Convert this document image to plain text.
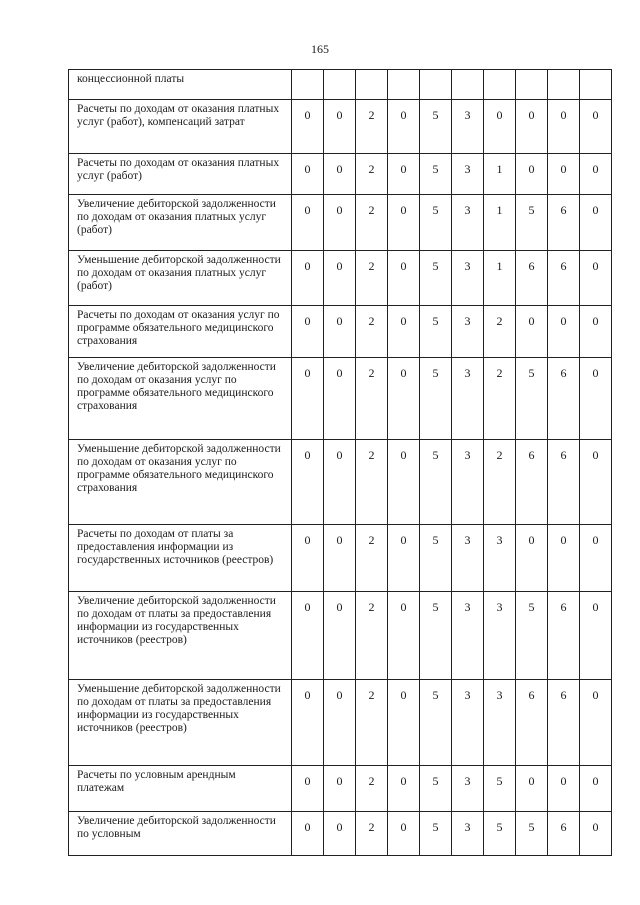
165
концессионной платы										
Расчеты по доходам от оказания платных услуг (работ), компенсаций затрат	0	0	2	0	5	3	0	0	0	0
Расчеты по доходам от оказания платных услуг (работ)	0	0	2	0	5	3	1	0	0	0
Увеличение дебиторской задолженности по доходам от оказания платных услуг (работ)	0	0	2	0	5	3	1	5	6	0
Уменьшение дебиторской задолженности по доходам от оказания платных услуг (работ)	0	0	2	0	5	3	1	6	6	0
Расчеты по доходам от оказания услуг по программе обязательного медицинского страхования	0	0	2	0	5	3	2	0	0	0
Увеличение дебиторской задолженности по доходам от оказания услуг по программе обязательного медицинского страхования	0	0	2	0	5	3	2	5	6	0
Уменьшение дебиторской задолженности по доходам от оказания услуг по программе обязательного медицинского страхования	0	0	2	0	5	3	2	6	6	0
Расчеты по доходам от платы за предоставления информации из государственных источников (реестров)	0	0	2	0	5	3	3	0	0	0
Увеличение дебиторской задолженности по доходам от платы за предоставления информации из государственных источников (реестров)	0	0	2	0	5	3	3	5	6	0
Уменьшение дебиторской задолженности по доходам от платы за предоставления информации из государственных источников (реестров)	0	0	2	0	5	3	3	6	6	0
Расчеты по условным арендным платежам	0	0	2	0	5	3	5	0	0	0
Увеличение дебиторской задолженности по условным	0	0	2	0	5	3	5	5	6	0
